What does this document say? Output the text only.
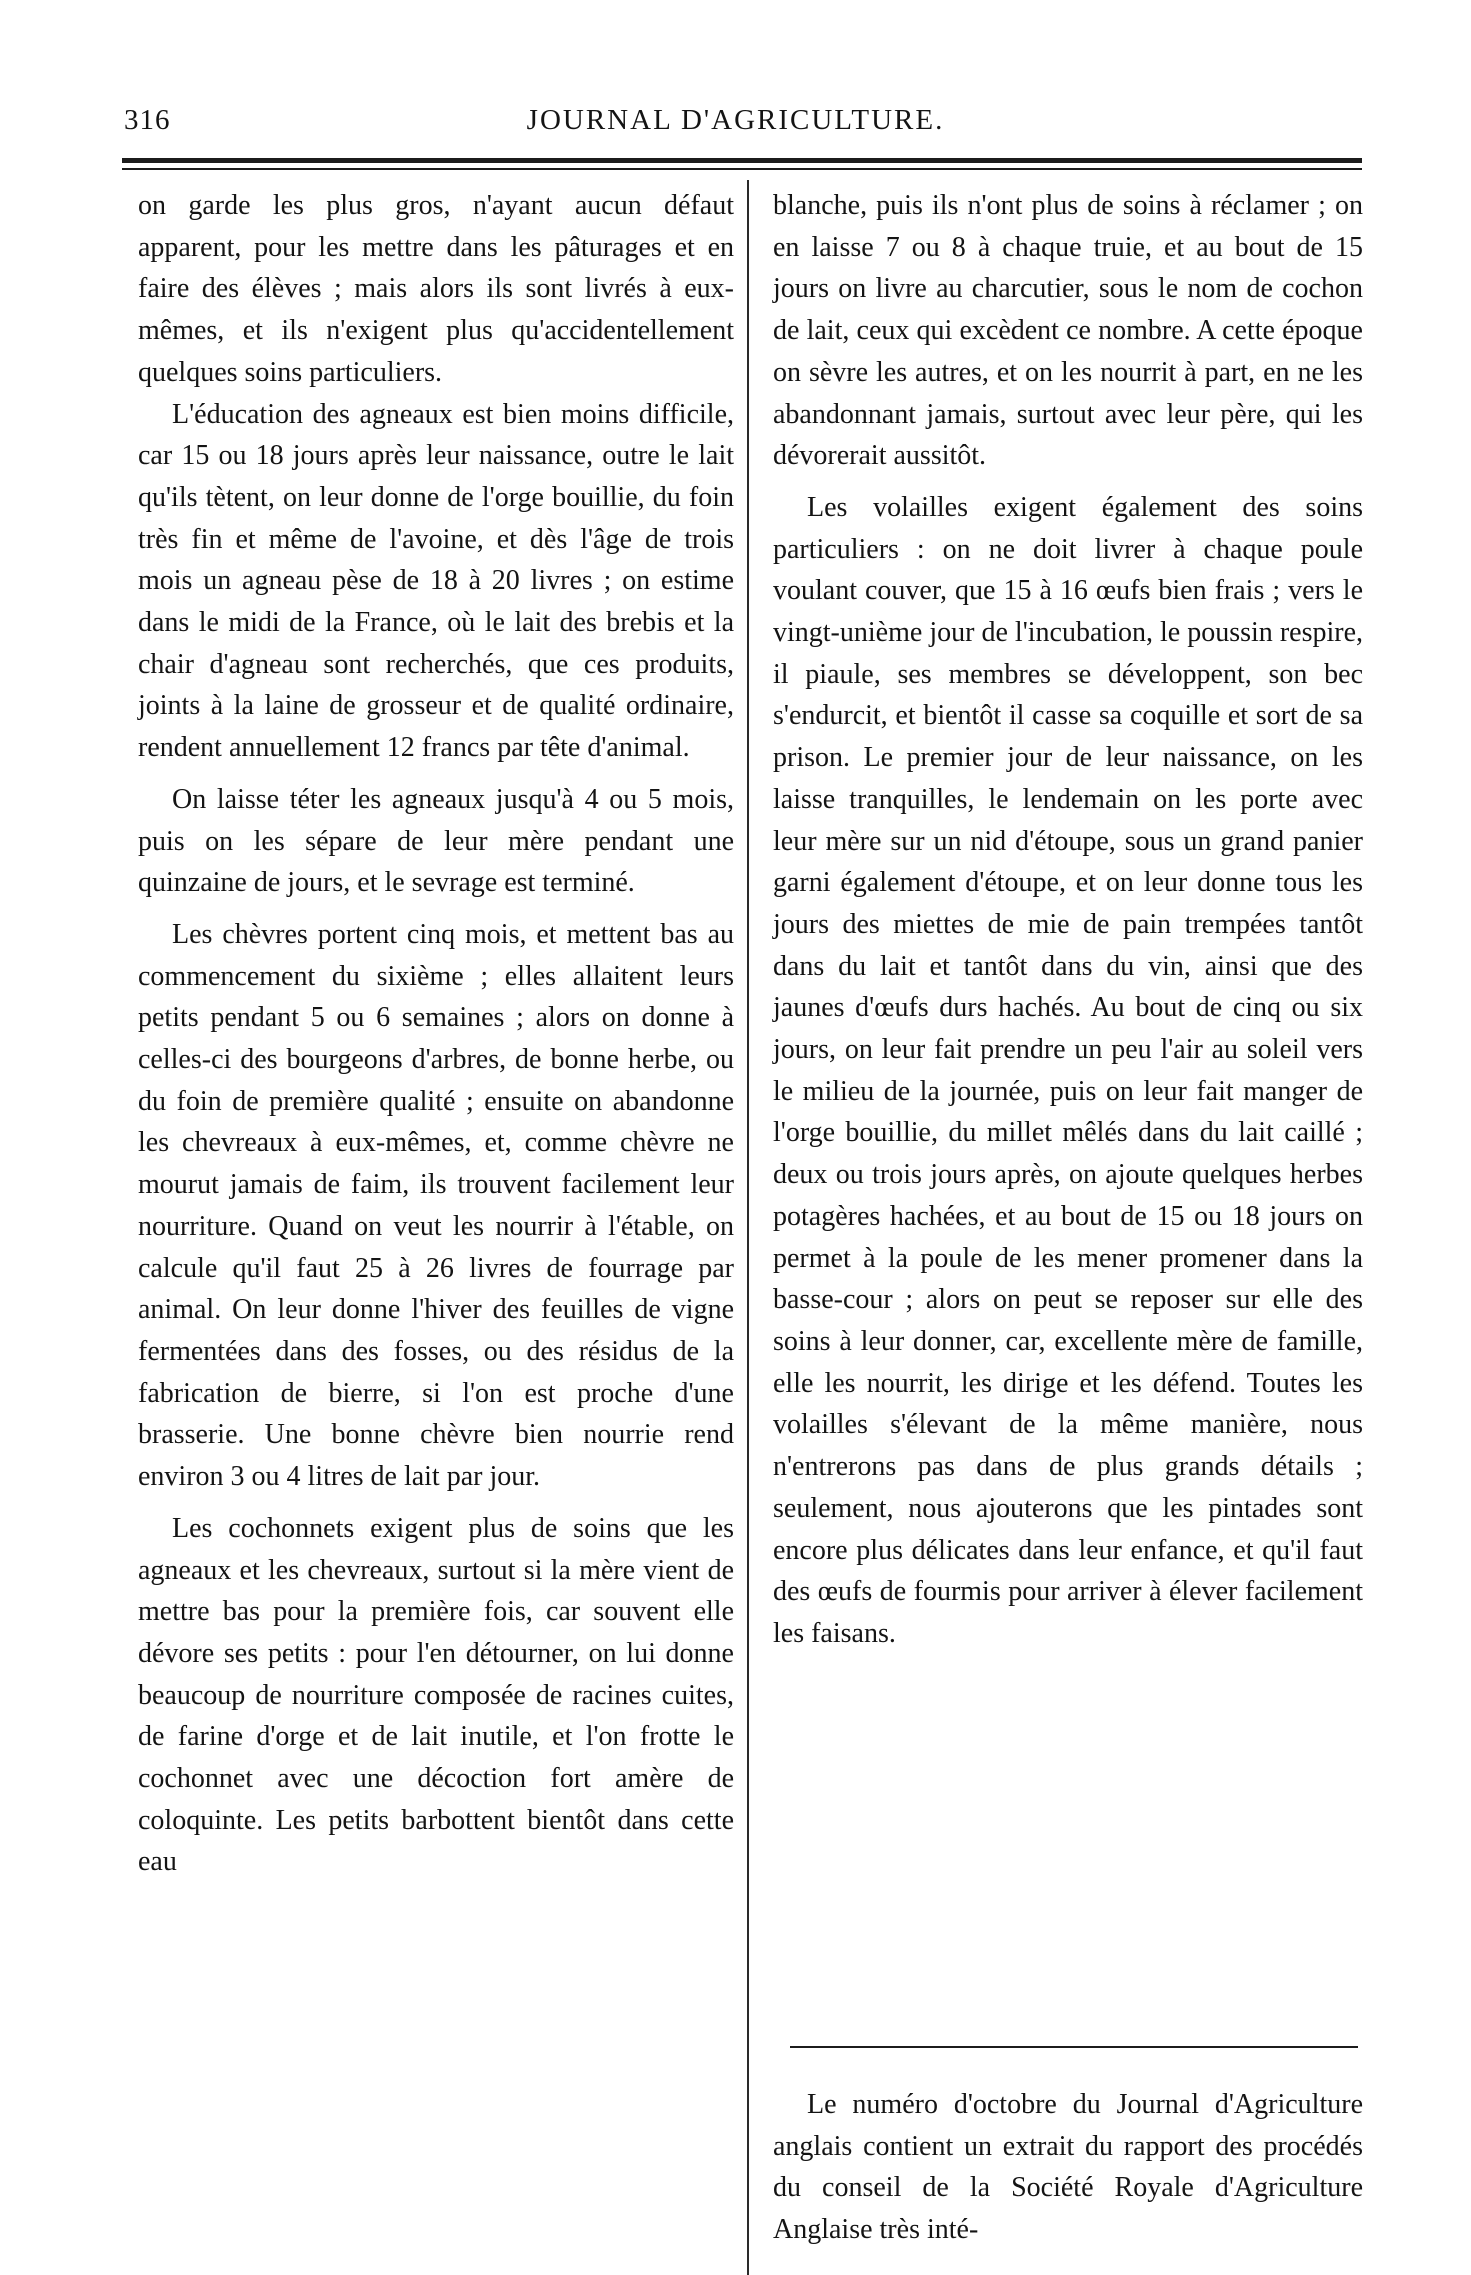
316	JOURNAL D'AGRICULTURE.

on garde les plus gros, n'ayant aucun défaut apparent, pour les mettre dans les pâturages et en faire des élèves ; mais alors ils sont livrés à eux-mêmes, et ils n'exigent plus qu'accidentellement quelques soins particuliers.

L'éducation des agneaux est bien moins difficile, car 15 ou 18 jours après leur naissance, outre le lait qu'ils tètent, on leur donne de l'orge bouillie, du foin très fin et même de l'avoine, et dès l'âge de trois mois un agneau pèse de 18 à 20 livres ; on estime dans le midi de la France, où le lait des brebis et la chair d'agneau sont recherchés, que ces produits, joints à la laine de grosseur et de qualité ordinaire, rendent annuellement 12 francs par tête d'animal.

On laisse téter les agneaux jusqu'à 4 ou 5 mois, puis on les sépare de leur mère pendant une quinzaine de jours, et le sevrage est terminé.

Les chèvres portent cinq mois, et mettent bas au commencement du sixième ; elles allaitent leurs petits pendant 5 ou 6 semaines ; alors on donne à celles-ci des bourgeons d'arbres, de bonne herbe, ou du foin de première qualité ; ensuite on abandonne les chevreaux à eux-mêmes, et, comme chèvre ne mourut jamais de faim, ils trouvent facilement leur nourriture. Quand on veut les nourrir à l'étable, on calcule qu'il faut 25 à 26 livres de fourrage par animal. On leur donne l'hiver des feuilles de vigne fermentées dans des fosses, ou des résidus de la fabrication de bierre, si l'on est proche d'une brasserie. Une bonne chèvre bien nourrie rend environ 3 ou 4 litres de lait par jour.

Les cochonnets exigent plus de soins que les agneaux et les chevreaux, surtout si la mère vient de mettre bas pour la première fois, car souvent elle dévore ses petits : pour l'en détourner, on lui donne beaucoup de nourriture composée de racines cuites, de farine d'orge et de lait inutile, et l'on frotte le cochonnet avec une décoction fort amère de coloquinte. Les petits barbottent bientôt dans cette eau

blanche, puis ils n'ont plus de soins à réclamer ; on en laisse 7 ou 8 à chaque truie, et au bout de 15 jours on livre au charcutier, sous le nom de cochon de lait, ceux qui excèdent ce nombre. A cette époque on sèvre les autres, et on les nourrit à part, en ne les abandonnant jamais, surtout avec leur père, qui les dévorerait aussitôt.

Les volailles exigent également des soins particuliers : on ne doit livrer à chaque poule voulant couver, que 15 à 16 œufs bien frais ; vers le vingt-unième jour de l'incubation, le poussin respire, il piaule, ses membres se développent, son bec s'endurcit, et bientôt il casse sa coquille et sort de sa prison. Le premier jour de leur naissance, on les laisse tranquilles, le lendemain on les porte avec leur mère sur un nid d'étoupe, sous un grand panier garni également d'étoupe, et on leur donne tous les jours des miettes de mie de pain trempées tantôt dans du lait et tantôt dans du vin, ainsi que des jaunes d'œufs durs hachés. Au bout de cinq ou six jours, on leur fait prendre un peu l'air au soleil vers le milieu de la journée, puis on leur fait manger de l'orge bouillie, du millet mêlés dans du lait caillé ; deux ou trois jours après, on ajoute quelques herbes potagères hachées, et au bout de 15 ou 18 jours on permet à la poule de les mener promener dans la basse-cour ; alors on peut se reposer sur elle des soins à leur donner, car, excellente mère de famille, elle les nourrit, les dirige et les défend. Toutes les volailles s'élevant de la même manière, nous n'entrerons pas dans de plus grands détails ; seulement, nous ajouterons que les pintades sont encore plus délicates dans leur enfance, et qu'il faut des œufs de fourmis pour arriver à élever facilement les faisans.

Le numéro d'octobre du Journal d'Agriculture anglais contient un extrait du rapport des procédés du conseil de la Société Royale d'Agriculture Anglaise très inté-
